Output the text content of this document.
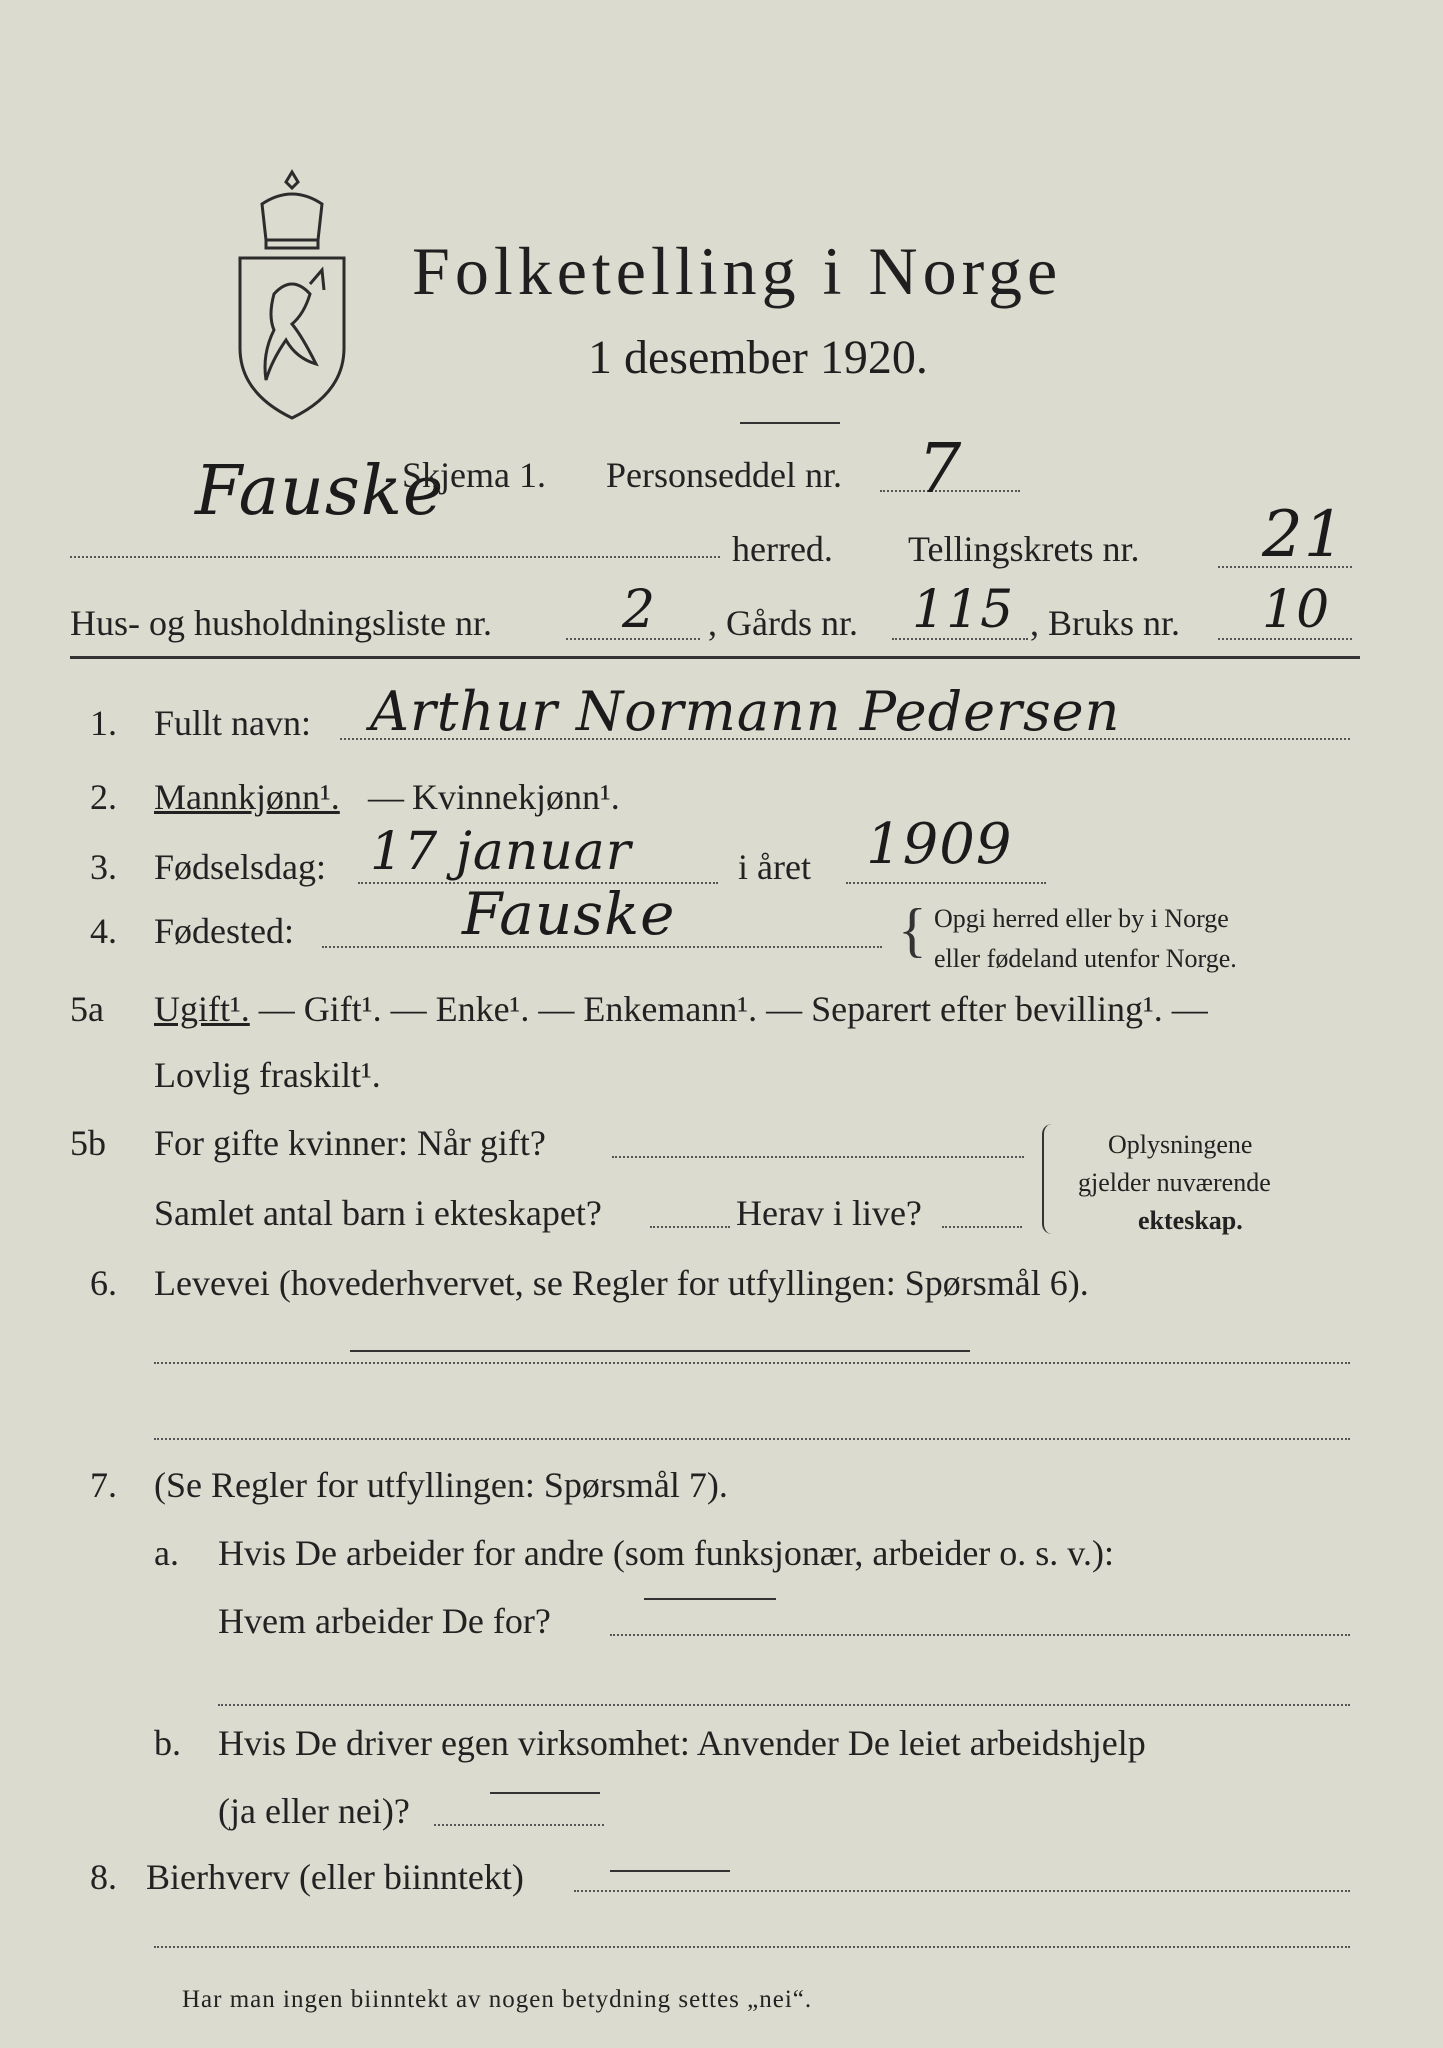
Folketelling i Norge
1 desember 1920.
Fauske
Skjema 1. Personseddel nr. 7
herred. Tellingskrets nr. 21
Hus- og husholdningsliste nr. 2 , Gårds nr. 115 , Bruks nr. 10
1. Fullt navn: Arthur Normann Pedersen
2. Mannkjønn¹. — Kvinnekjønn¹.
3. Fødselsdag: 17 januar	i året 1909
4. Fødested:	Fauske	{ Opgi herred eller by i Norge
eller fødeland utenfor Norge.
5a Ugift¹. — Gift¹. — Enke¹. — Enkemann¹. — Separert efter bevilling¹. —
Lovlig fraskilt¹.
5b For gifte kvinner: Når gift?
Samlet antal barn i ekteskapet?	Herav i live?
Oplysningene
gjelder nuværende
ekteskap.
6. Levevei (hovederhvervet, se Regler for utfyllingen: Spørsmål 6).
7. (Se Regler for utfyllingen: Spørsmål 7).
a. Hvis De arbeider for andre (som funksjonær, arbeider o. s. v.):
Hvem arbeider De for?
b. Hvis De driver egen virksomhet: Anvender De leiet arbeidshjelp
(ja eller nei)?
8. Bierhverv (eller biinntekt)
Har man ingen biinntekt av nogen betydning settes „nei“.
